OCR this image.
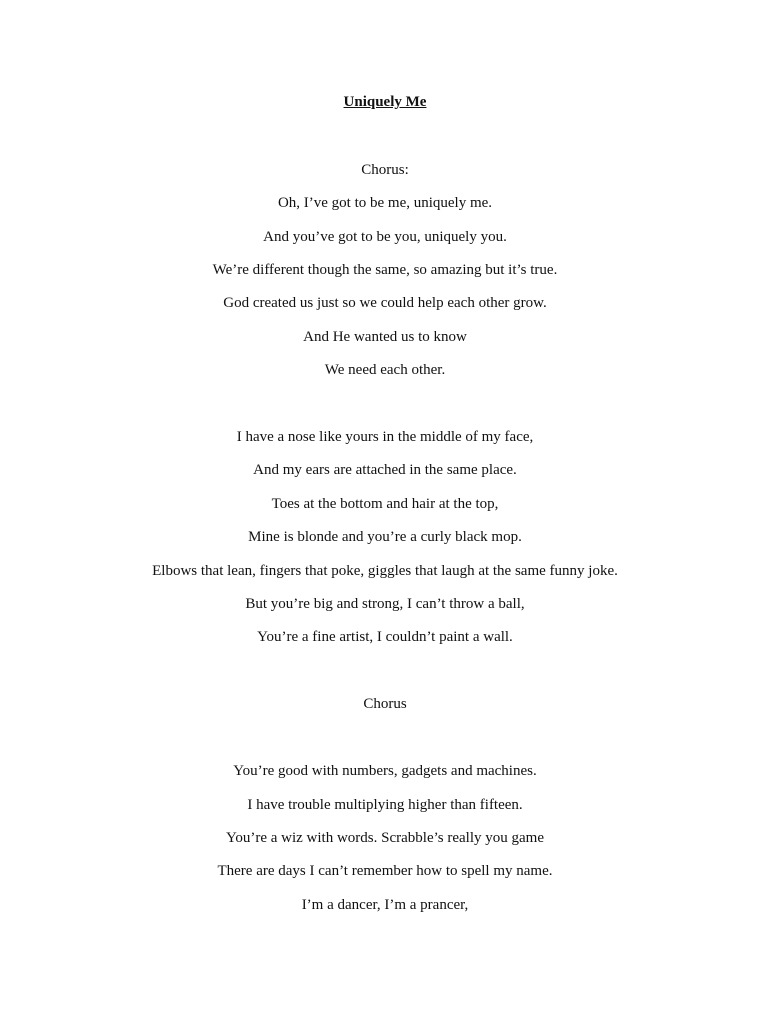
Uniquely Me
Chorus:
Oh, I’ve got to be me, uniquely me.
And you’ve got to be you, uniquely you.
We’re different though the same, so amazing but it’s true.
God created us just so we could help each other grow.
And He wanted us to know
We need each other.
I have a nose like yours in the middle of my face,
And my ears are attached in the same place.
Toes at the bottom and hair at the top,
Mine is blonde and you’re a curly black mop.
Elbows that lean, fingers that poke, giggles that laugh at the same funny joke.
But you’re big and strong, I can’t throw a ball,
You’re a fine artist, I couldn’t paint a wall.
Chorus
You’re good with numbers, gadgets and machines.
I have trouble multiplying higher than fifteen.
You’re a wiz with words. Scrabble’s really you game
There are days I can’t remember how to spell my name.
I’m a dancer, I’m a prancer,
